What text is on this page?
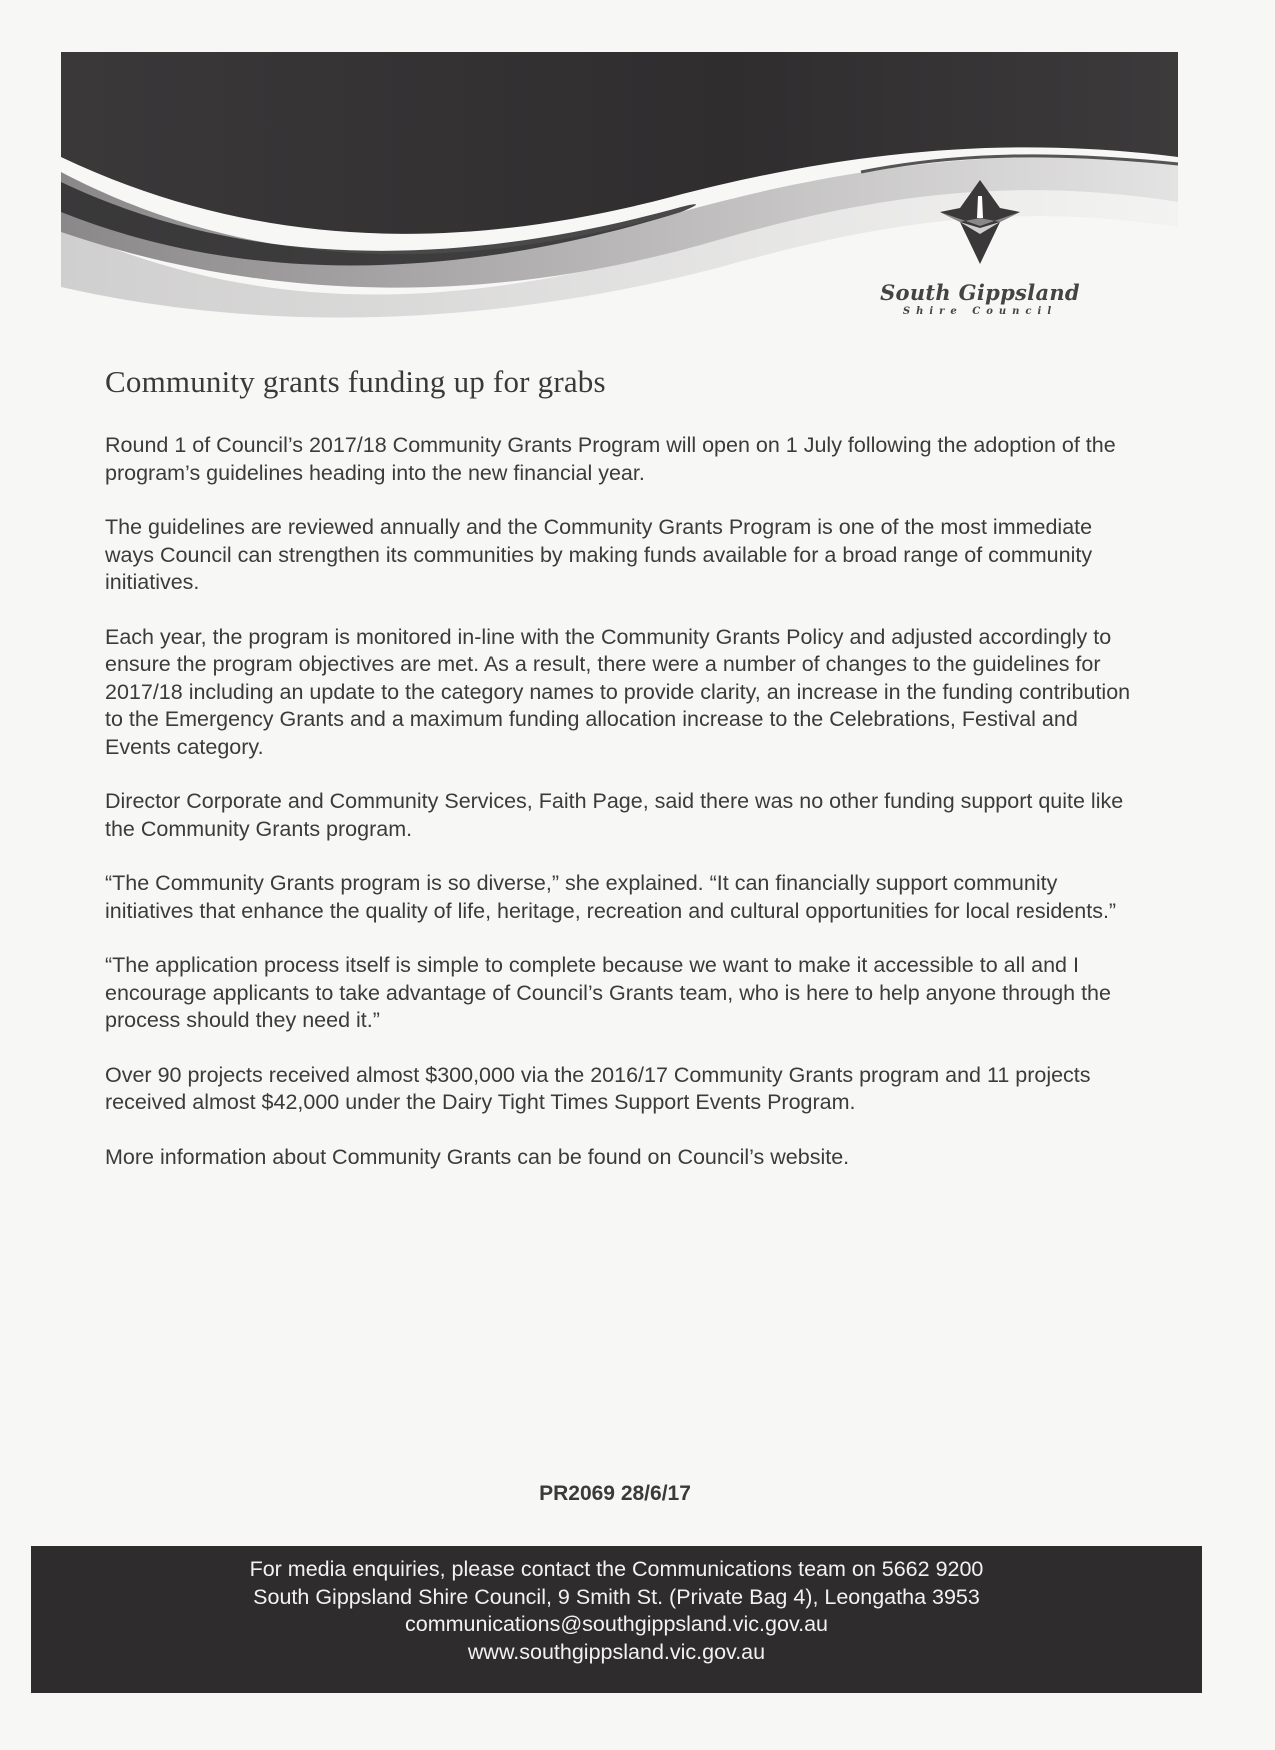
South Gippsland
Shire Council
Community grants funding up for grabs

Round 1 of Council’s 2017/18 Community Grants Program will open on 1 July following the adoption of the program’s guidelines heading into the new financial year.

The guidelines are reviewed annually and the Community Grants Program is one of the most immediate ways Council can strengthen its communities by making funds available for a broad range of community initiatives.

Each year, the program is monitored in-line with the Community Grants Policy and adjusted accordingly to ensure the program objectives are met. As a result, there were a number of changes to the guidelines for 2017/18 including an update to the category names to provide clarity, an increase in the funding contribution to the Emergency Grants and a maximum funding allocation increase to the Celebrations, Festival and Events category.

Director Corporate and Community Services, Faith Page, said there was no other funding support quite like the Community Grants program.

“The Community Grants program is so diverse,” she explained. “It can financially support community initiatives that enhance the quality of life, heritage, recreation and cultural opportunities for local residents.”

“The application process itself is simple to complete because we want to make it accessible to all and I encourage applicants to take advantage of Council’s Grants team, who is here to help anyone through the process should they need it.”

Over 90 projects received almost $300,000 via the 2016/17 Community Grants program and 11 projects received almost $42,000 under the Dairy Tight Times Support Events Program.

More information about Community Grants can be found on Council’s website.

PR2069 28/6/17
For media enquiries, please contact the Communications team on 5662 9200
South Gippsland Shire Council, 9 Smith St. (Private Bag 4), Leongatha 3953
communications@southgippsland.vic.gov.au
www.southgippsland.vic.gov.au
